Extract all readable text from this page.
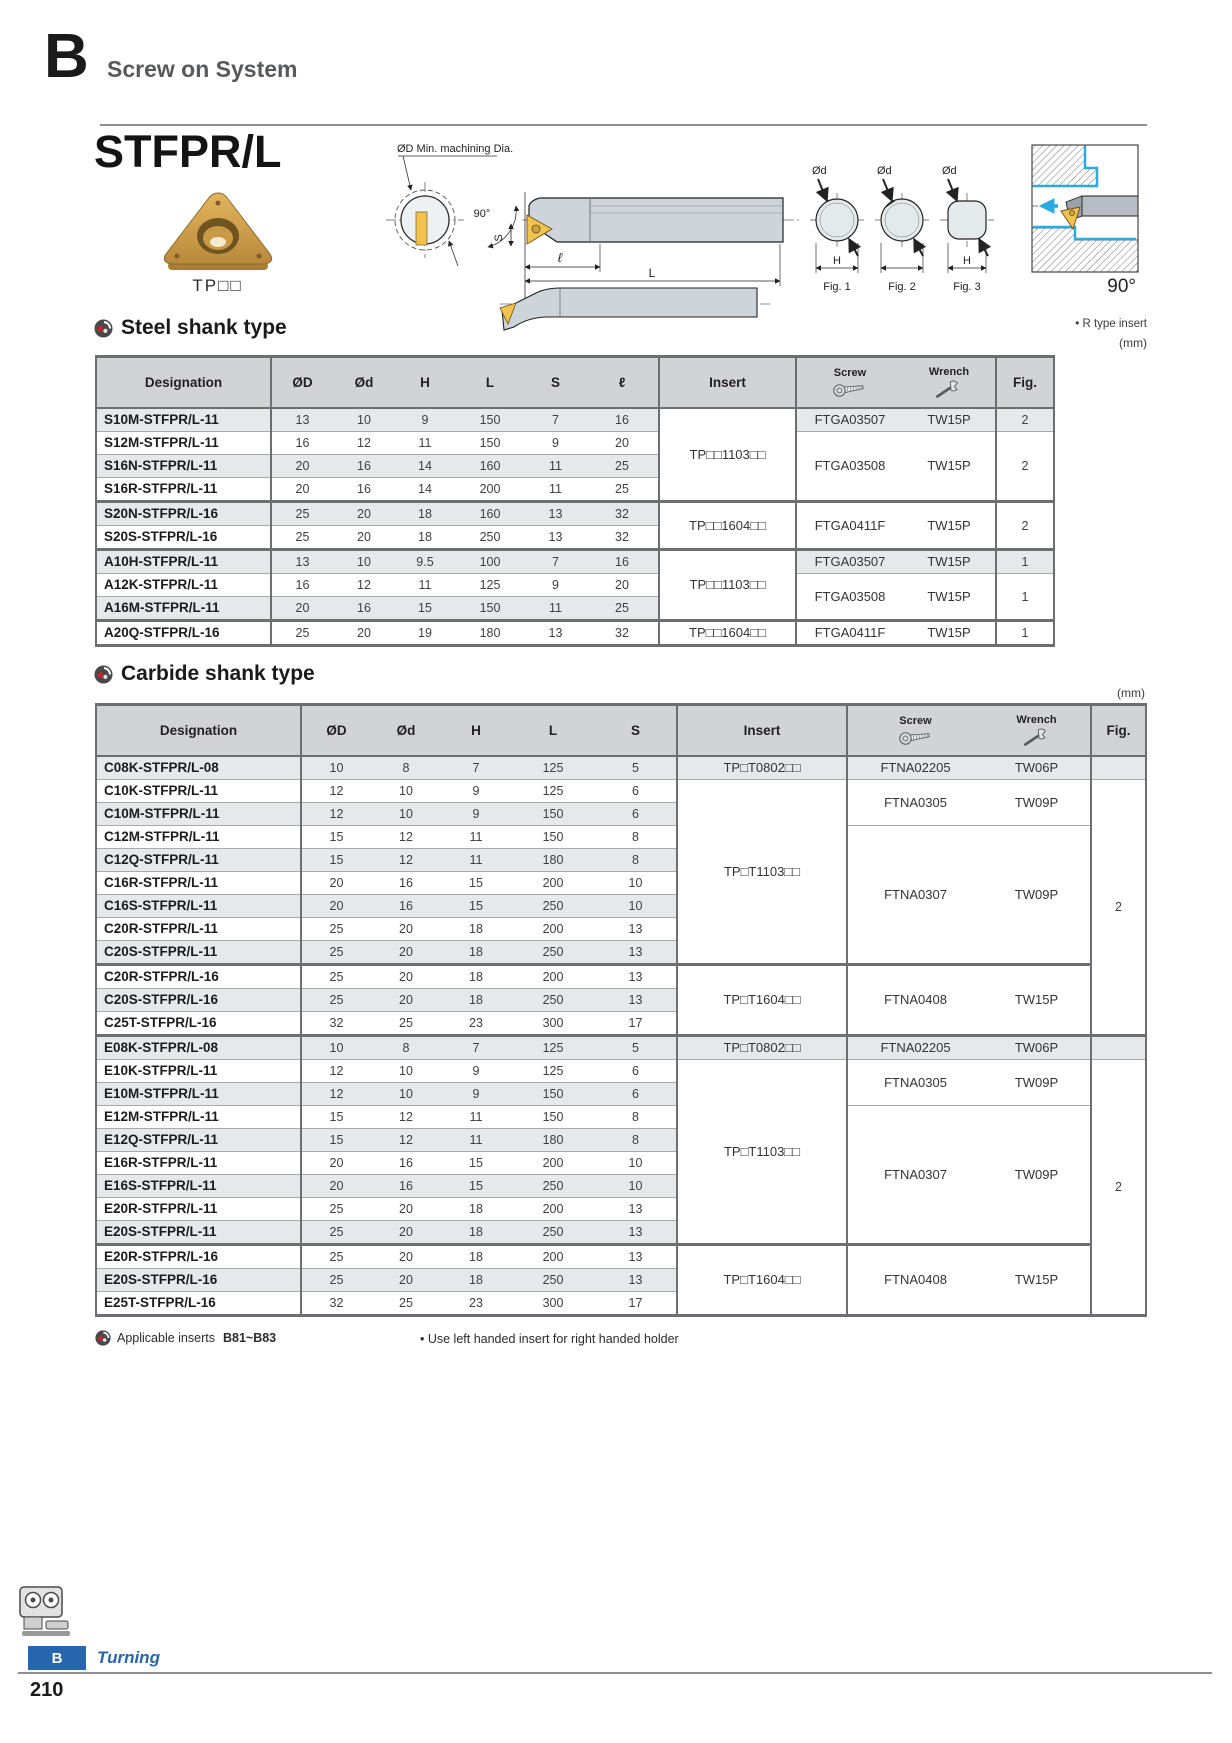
B Screw on System
STFPR/L
TP□□
ØD Min. machining Dia.
90°
S
ℓ
L
Ød	Ød	Ød
H	H
Fig. 1	Fig. 2	Fig. 3	90°
Steel shank type	• R type insert
(mm)
Designation	ØD	Ød	H	L	S	ℓ	Insert	Screw	Wrench	Fig.
S10M-STFPR/L-11	13	10	9	150	7	16	TP□□1103□□	FTGA03507	TW15P	2
S12M-STFPR/L-11	16	12	11	150	9	20		FTGA03508	TW15P	2
S16N-STFPR/L-11	20	16	14	160	11	25				
S16R-STFPR/L-11	20	16	14	200	11	25				
S20N-STFPR/L-16	25	20	18	160	13	32	TP□□1604□□	FTGA0411F	TW15P	2
S20S-STFPR/L-16	25	20	18	250	13	32				
A10H-STFPR/L-11	13	10	9.5	100	7	16	TP□□1103□□	FTGA03507	TW15P	1
A12K-STFPR/L-11	16	12	11	125	9	20		FTGA03508	TW15P	1
A16M-STFPR/L-11	20	16	15	150	11	25				
A20Q-STFPR/L-16	25	20	19	180	13	32	TP□□1604□□	FTGA0411F	TW15P	1
Carbide shank type
(mm)
Designation	ØD	Ød	H	L	S	Insert	Screw	Wrench	Fig.
C08K-STFPR/L-08	10	8	7	125	5	TP□T0802□□	FTNA02205	TW06P	
C10K-STFPR/L-11	12	10	9	125	6	TP□T1103□□	FTNA0305	TW09P	2
C10M-STFPR/L-11	12	10	9	150	6				
C12M-STFPR/L-11	15	12	11	150	8		FTNA0307	TW09P	
C12Q-STFPR/L-11	15	12	11	180	8				
C16R-STFPR/L-11	20	16	15	200	10				
C16S-STFPR/L-11	20	16	15	250	10				
C20R-STFPR/L-11	25	20	18	200	13				
C20S-STFPR/L-11	25	20	18	250	13				
C20R-STFPR/L-16	25	20	18	200	13	TP□T1604□□	FTNA0408	TW15P	
C20S-STFPR/L-16	25	20	18	250	13				
C25T-STFPR/L-16	32	25	23	300	17				
E08K-STFPR/L-08	10	8	7	125	5	TP□T0802□□	FTNA02205	TW06P	
E10K-STFPR/L-11	12	10	9	125	6	TP□T1103□□	FTNA0305	TW09P	2
E10M-STFPR/L-11	12	10	9	150	6				
E12M-STFPR/L-11	15	12	11	150	8		FTNA0307	TW09P	
E12Q-STFPR/L-11	15	12	11	180	8				
E16R-STFPR/L-11	20	16	15	200	10				
E16S-STFPR/L-11	20	16	15	250	10				
E20R-STFPR/L-11	25	20	18	200	13				
E20S-STFPR/L-11	25	20	18	250	13				
E20R-STFPR/L-16	25	20	18	200	13	TP□T1604□□	FTNA0408	TW15P	
E20S-STFPR/L-16	25	20	18	250	13				
E25T-STFPR/L-16	32	25	23	300	17				
Applicable inserts B81~B83	• Use left handed insert for right handed holder
B	Turning
210
